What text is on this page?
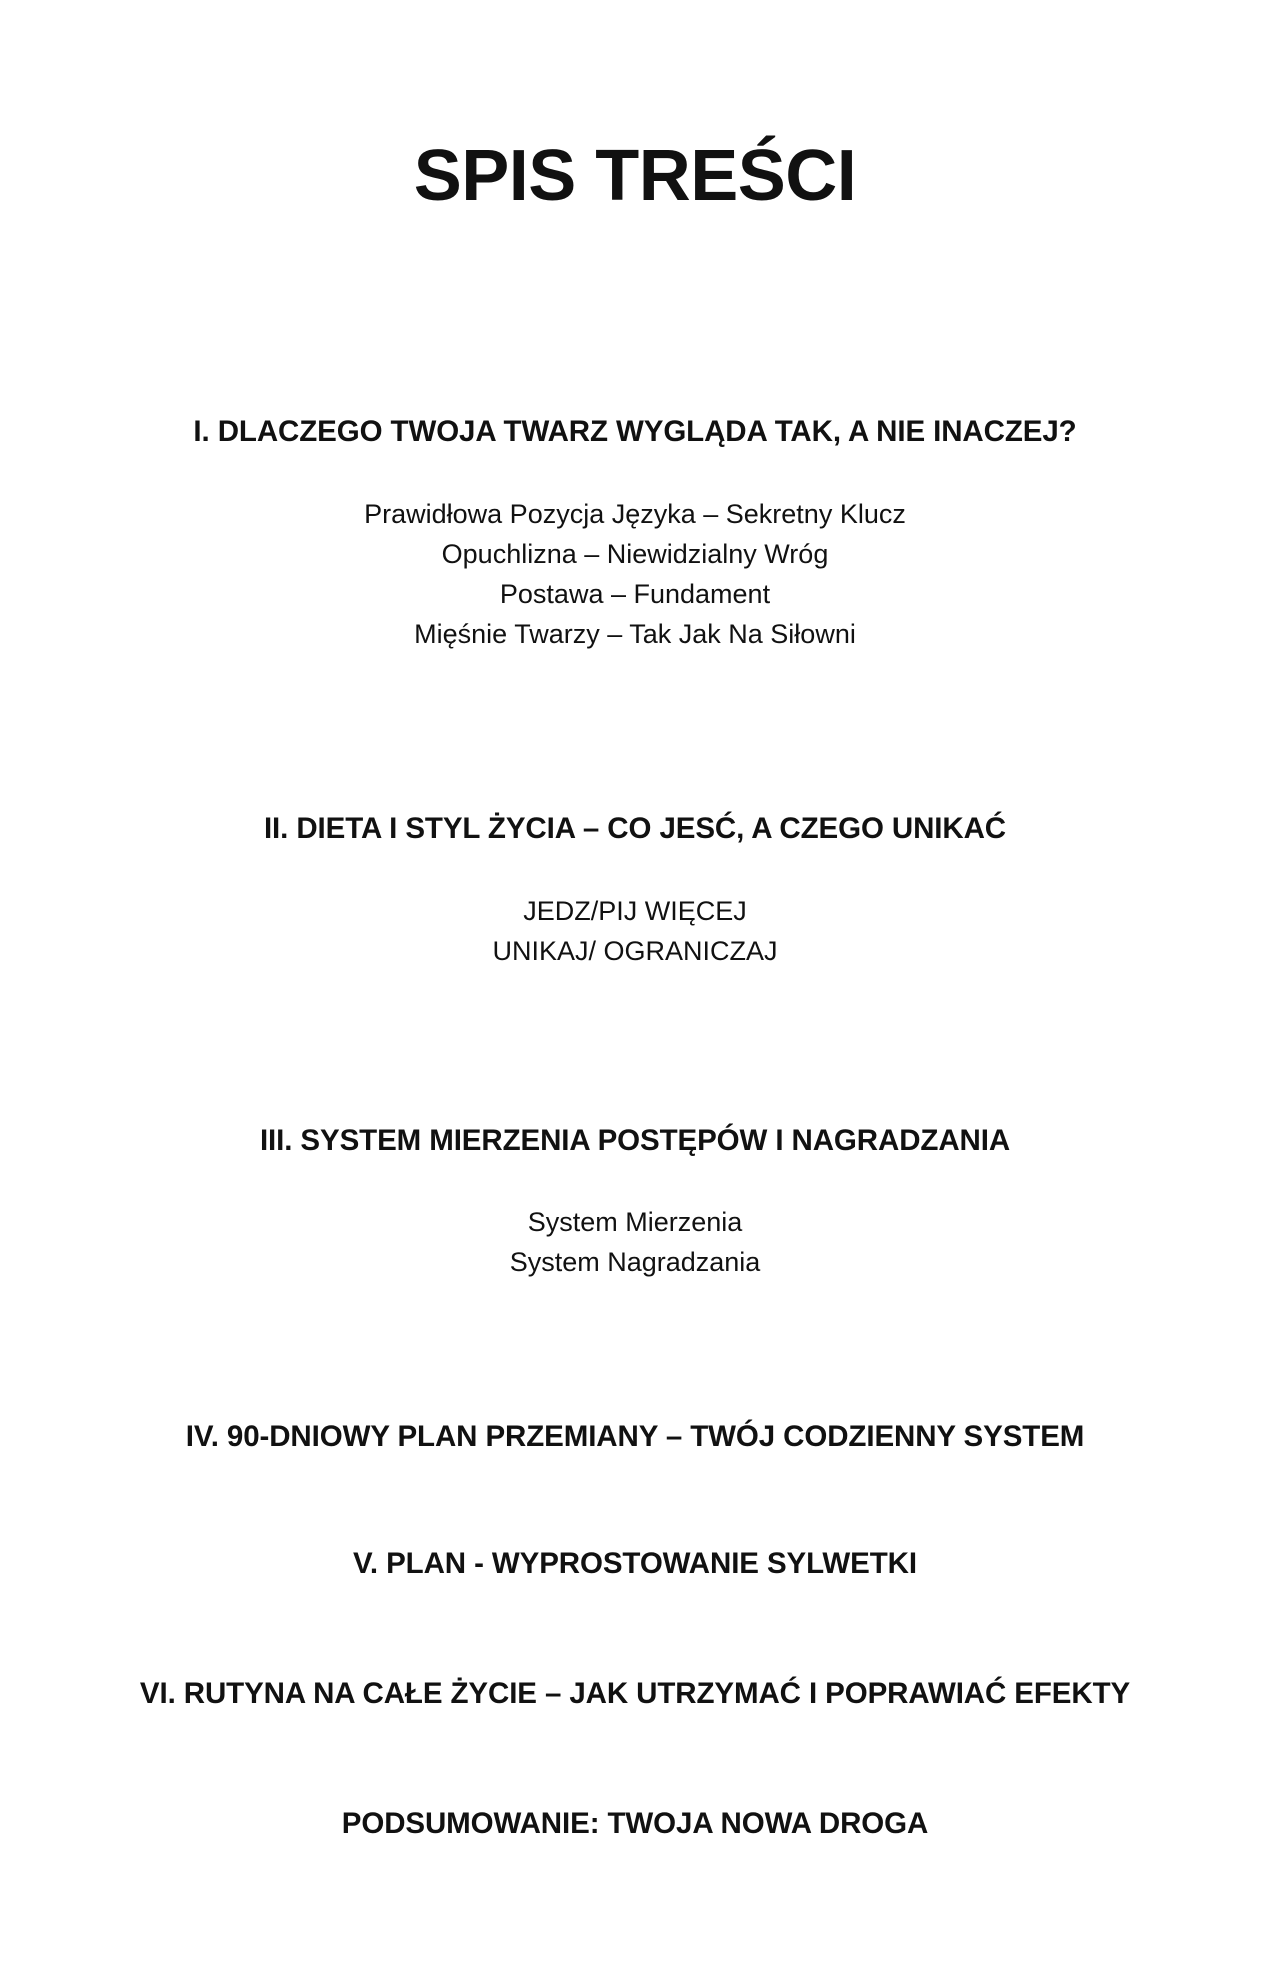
SPIS TREŚCI
I. DLACZEGO TWOJA TWARZ WYGLĄDA TAK, A NIE INACZEJ?
Prawidłowa Pozycja Języka – Sekretny Klucz
Opuchlizna – Niewidzialny Wróg
Postawa – Fundament
Mięśnie Twarzy – Tak Jak Na Siłowni
II. DIETA I STYL ŻYCIA – CO JESĆ, A CZEGO UNIKAĆ
JEDZ/PIJ WIĘCEJ
UNIKAJ/ OGRANICZAJ
III. SYSTEM MIERZENIA POSTĘPÓW I NAGRADZANIA
System Mierzenia
System Nagradzania
IV. 90-DNIOWY PLAN PRZEMIANY – TWÓJ CODZIENNY SYSTEM
V. PLAN - WYPROSTOWANIE SYLWETKI
VI. RUTYNA NA CAŁE ŻYCIE – JAK UTRZYMAĆ I POPRAWIAĆ EFEKTY
PODSUMOWANIE: TWOJA NOWA DROGA
